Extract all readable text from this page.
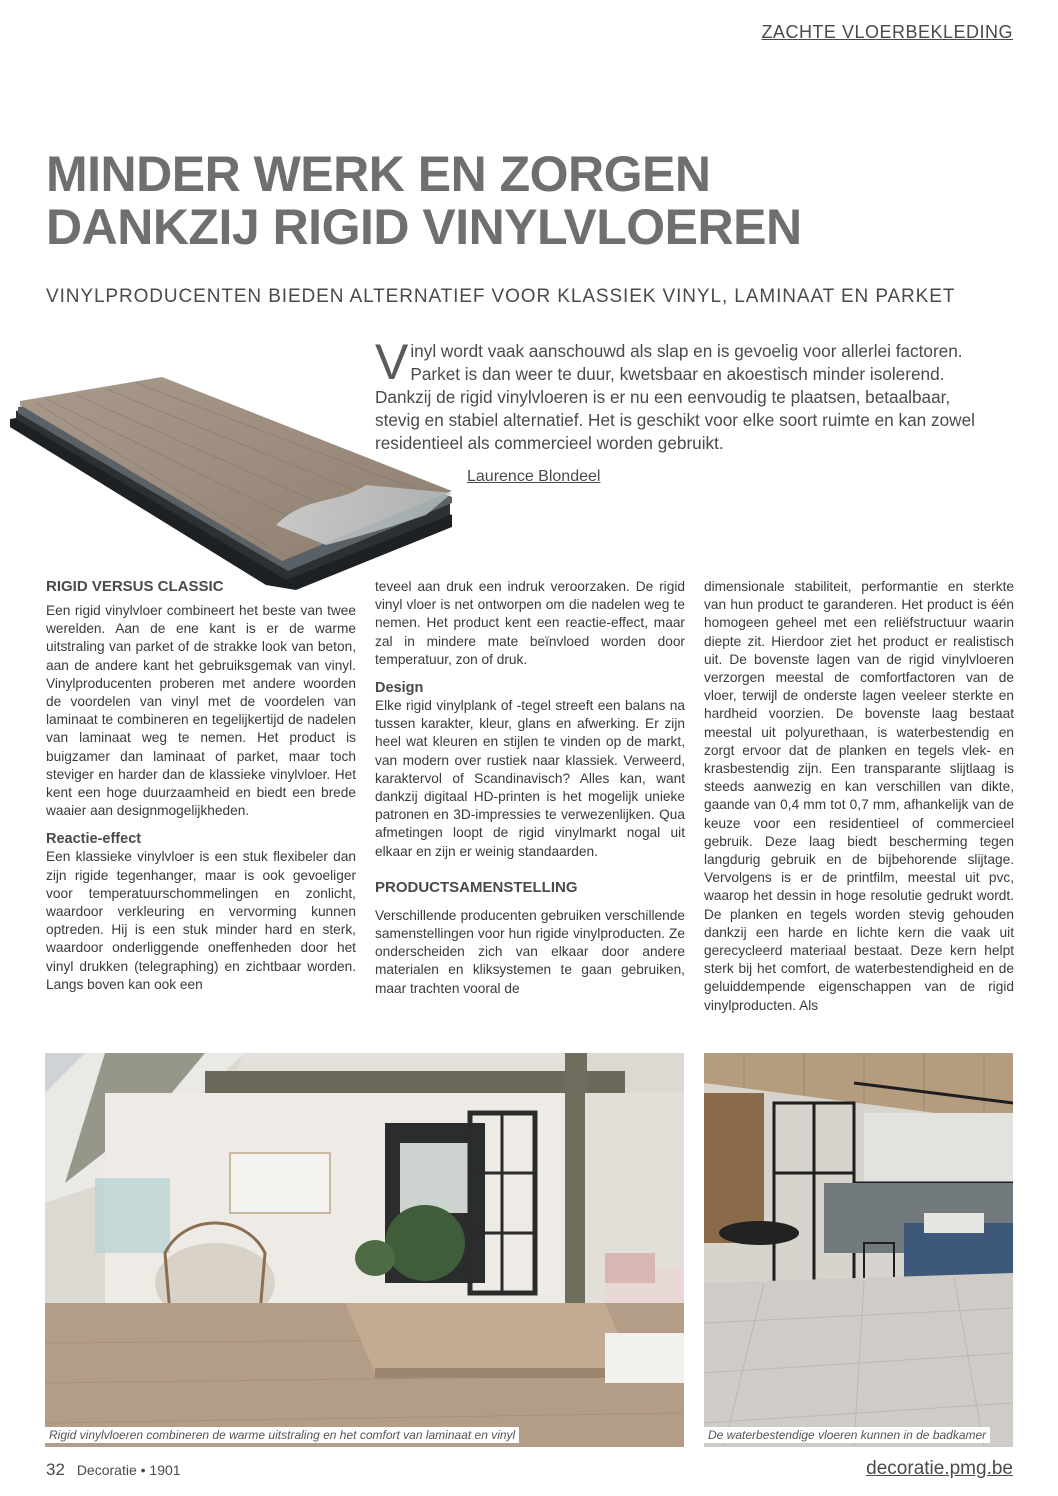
ZACHTE VLOERBEKLEDING
MINDER WERK EN ZORGEN
DANKZIJ RIGID VINYLVLOEREN
VINYLPRODUCENTEN BIEDEN ALTERNATIEF VOOR KLASSIEK VINYL, LAMINAAT EN PARKET
V inyl wordt vaak aanschouwd als slap en is gevoelig voor allerlei factoren. Parket is dan weer te duur, kwetsbaar en akoestisch minder isolerend. Dankzij de rigid vinylvloeren is er nu een eenvoudig te plaatsen, betaalbaar, stevig en stabiel alternatief. Het is geschikt voor elke soort ruimte en kan zowel residentieel als commercieel worden gebruikt.
Laurence Blondeel
RIGID VERSUS CLASSIC

Een rigid vinylvloer combineert het beste van twee werelden. Aan de ene kant is er de warme uitstraling van parket of de strakke look van beton, aan de andere kant het gebruiksgemak van vinyl. Vinylproducenten proberen met andere woorden de voordelen van vinyl met de voordelen van laminaat te combineren en tegelijkertijd de nadelen van laminaat weg te nemen. Het product is buigzamer dan laminaat of parket, maar toch steviger en harder dan de klassieke vinylvloer. Het kent een hoge duurzaamheid en biedt een brede waaier aan designmogelijkheden.

Reactie-effect

Een klassieke vinylvloer is een stuk flexibeler dan zijn rigide tegenhanger, maar is ook gevoeliger voor temperatuurschommelingen en zonlicht, waardoor verkleuring en vervorming kunnen optreden. Hij is een stuk minder hard en sterk, waardoor onderliggende oneffenheden door het vinyl drukken (telegraphing) en zichtbaar worden. Langs boven kan ook een

teveel aan druk een indruk veroorzaken. De rigid vinyl vloer is net ontworpen om die nadelen weg te nemen. Het product kent een reactie-effect, maar zal in mindere mate beïnvloed worden door temperatuur, zon of druk.

Design

Elke rigid vinylplank of -tegel streeft een balans na tussen karakter, kleur, glans en afwerking. Er zijn heel wat kleuren en stijlen te vinden op de markt, van modern over rustiek naar klassiek. Verweerd, karaktervol of Scandinavisch? Alles kan, want dankzij digitaal HD-printen is het mogelijk unieke patronen en 3D-impressies te verwezenlijken. Qua afmetingen loopt de rigid vinylmarkt nogal uit elkaar en zijn er weinig standaarden.

PRODUCTSAMENSTELLING

Verschillende producenten gebruiken verschillende samenstellingen voor hun rigide vinylproducten. Ze onderscheiden zich van elkaar door andere materialen en kliksystemen te gaan gebruiken, maar trachten vooral de

dimensionale stabiliteit, performantie en sterkte van hun product te garanderen. Het product is één homogeen geheel met een reliëfstructuur waarin diepte zit. Hierdoor ziet het product er realistisch uit. De bovenste lagen van de rigid vinylvloeren verzorgen meestal de comfortfactoren van de vloer, terwijl de onderste lagen veeleer sterkte en hardheid voorzien. De bovenste laag bestaat meestal uit polyurethaan, is waterbestendig en zorgt ervoor dat de planken en tegels vlek- en krasbestendig zijn. Een transparante slijtlaag is steeds aanwezig en kan verschillen van dikte, gaande van 0,4 mm tot 0,7 mm, afhankelijk van de keuze voor een residentieel of commercieel gebruik. Deze laag biedt bescherming tegen langdurig gebruik en de bijbehorende slijtage. Vervolgens is er de printfilm, meestal uit pvc, waarop het dessin in hoge resolutie gedrukt wordt. De planken en tegels worden stevig gehouden dankzij een harde en lichte kern die vaak uit gerecycleerd materiaal bestaat. Deze kern helpt sterk bij het comfort, de waterbestendigheid en de geluiddempende eigenschappen van de rigid vinylproducten. Als

Rigid vinylvloeren combineren de warme uitstraling en het comfort van laminaat en vinyl	De waterbestendige vloeren kunnen in de badkamer
32 Decoratie • 1901	decoratie.pmg.be
